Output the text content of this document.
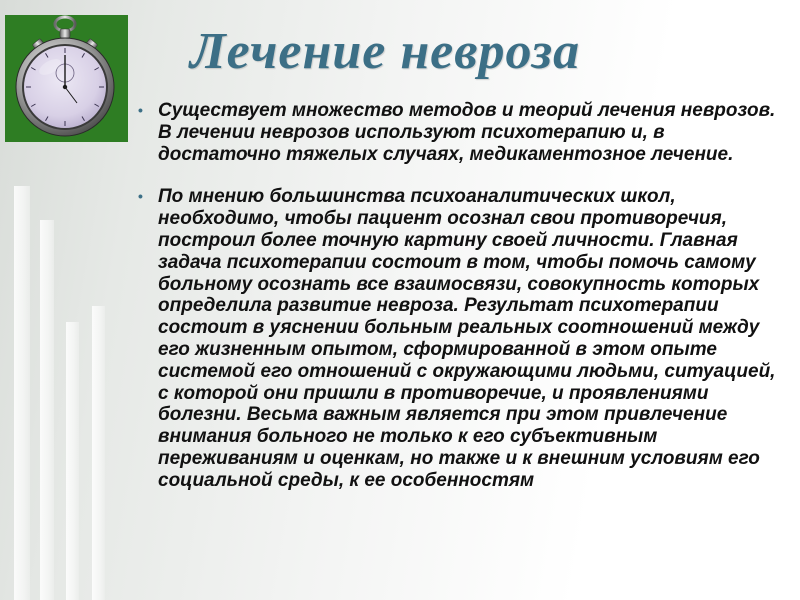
Лечение невроза

• Существует множество методов и теорий лечения неврозов. В лечении неврозов используют психотерапию и, в достаточно тяжелых случаях, медикаментозное лечение.

• По мнению большинства психоаналитических школ, необходимо, чтобы пациент осознал свои противоречия, построил более точную картину своей личности. Главная задача психотерапии состоит в том, чтобы помочь самому больному осознать все взаимосвязи, совокупность которых определила развитие невроза. Результат психотерапии состоит в уяснении больным реальных соотношений между его жизненным опытом, сформированной в этом опыте системой его отношений с окружающими людьми, ситуацией, с которой они пришли в противоречие, и проявлениями болезни. Весьма важным является при этом привлечение внимания больного не только к его субъективным переживаниям и оценкам, но также и к внешним условиям его социальной среды, к ее особенностям
